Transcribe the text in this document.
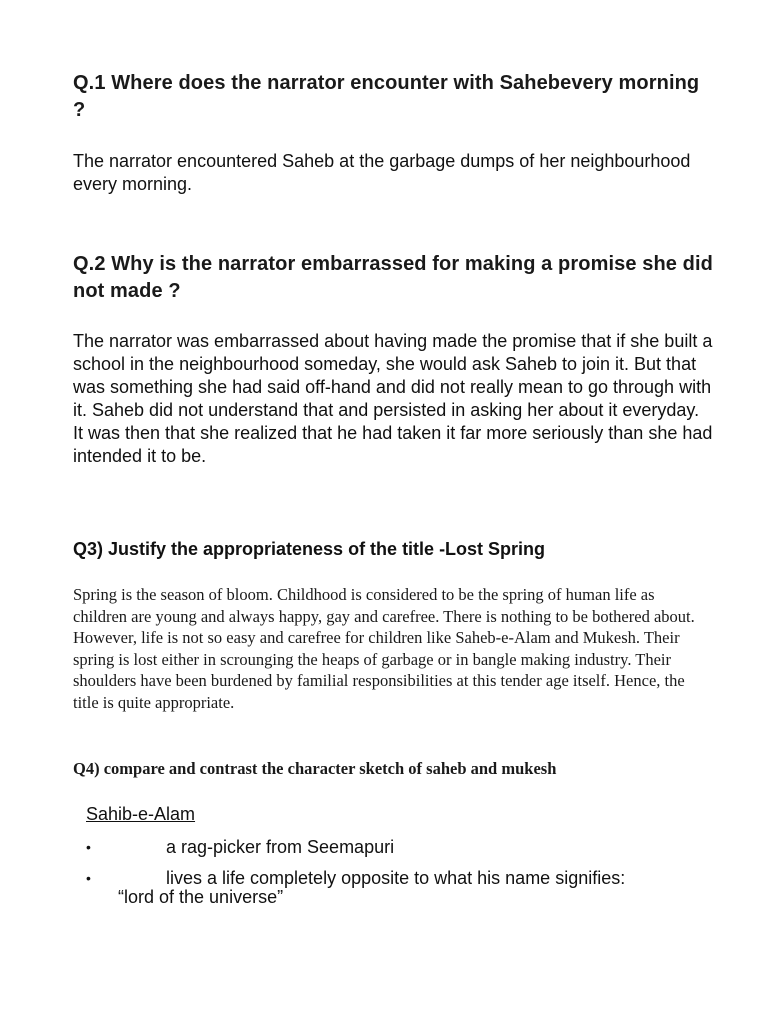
Q.1 Where does the narrator encounter with Sahebevery morning ?

The narrator encountered Saheb at the garbage dumps of her neighbourhood every morning.

Q.2 Why is the narrator embarrassed for making a promise she did not made ?

The narrator was embarrassed about having made the promise that if she built a school in the neighbourhood someday, she would ask Saheb to join it. But that was something she had said off-hand and did not really mean to go through with it. Saheb did not understand that and persisted in asking her about it everyday. It was then that she realized that he had taken it far more seriously than she had intended it to be.

Q3) Justify the appropriateness of the title -Lost Spring

Spring is the season of bloom. Childhood is considered to be the spring of human life as children are young and always happy, gay and carefree. There is nothing to be bothered about. However, life is not so easy and carefree for children like Saheb-e-Alam and Mukesh. Their spring is lost either in scrounging the heaps of garbage or in bangle making industry. Their shoulders have been burdened by familial responsibilities at this tender age itself. Hence, the title is quite appropriate.

Q4) compare and contrast the character sketch of saheb and mukesh

Sahib-e-Alam

•	a rag-picker from Seemapuri
•	lives a life completely opposite to what his name signifies:
“lord of the universe”
